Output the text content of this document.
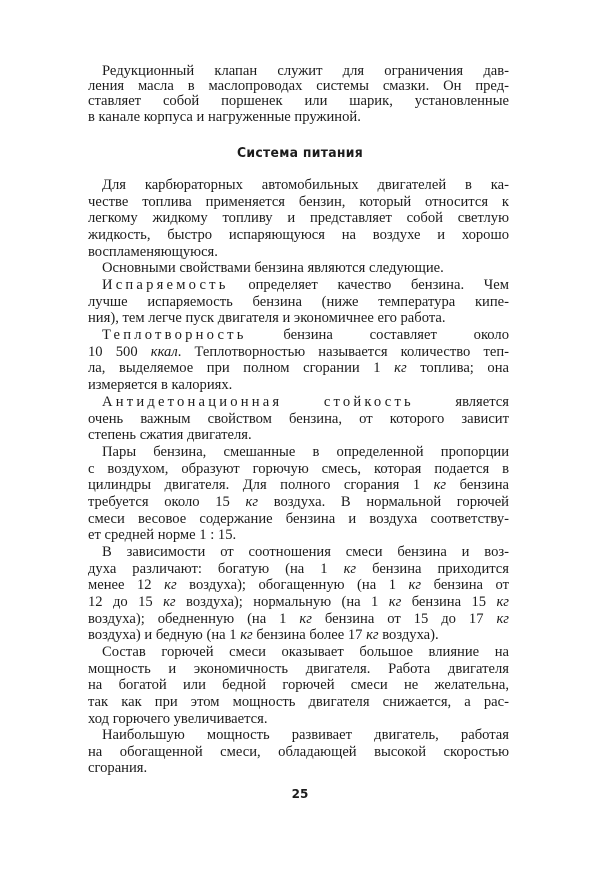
Редукционный клапан служит для ограничения дав-
ления масла в маслопроводах системы смазки. Он пред-
ставляет собой поршенек или шарик, установленные
в канале корпуса и нагруженные пружиной.
Система питания
Для карбюраторных автомобильных двигателей в ка-
честве топлива применяется бензин, который относится к
легкому жидкому топливу и представляет собой светлую
жидкость, быстро испаряющуюся на воздухе и хорошо
воспламеняющуюся.
Основными свойствами бензина являются следующие.
Испаряемость определяет качество бензина. Чем
лучше испаряемость бензина (ниже температура кипе-
ния), тем легче пуск двигателя и экономичнее его работа.
Теплотворность бензина составляет около
10 500 ккал. Теплотворностью называется количество теп-
ла, выделяемое при полном сгорании 1 кг топлива; она
измеряется в калориях.
Антидетонационная	стойкость является
очень важным свойством бензина, от которого зависит
степень сжатия двигателя.
Пары бензина, смешанные в определенной пропорции
с воздухом, образуют горючую смесь, которая подается в
цилиндры двигателя. Для полного сгорания 1 кг бензина
требуется около 15 кг воздуха. В нормальной горючей
смеси весовое содержание бензина и воздуха соответству-
ет средней норме 1 : 15.
В зависимости от соотношения смеси бензина и воз-
духа различают: богатую (на 1 кг бензина приходится
менее 12 кг воздуха); обогащенную (на 1 кг бензина от
12 до 15 кг воздуха); нормальную (на 1 кг бензина 15 кг
воздуха); обедненную (на 1 кг бензина от 15 до 17 кг
воздуха) и бедную (на 1 кг бензина более 17 кг воздуха).
Состав горючей смеси оказывает большое влияние на
мощность и экономичность двигателя. Работа двигателя
на богатой или бедной горючей смеси не желательна,
так как при этом мощность двигателя снижается, а рас-
ход горючего увеличивается.
Наибольшую мощность развивает двигатель, работая
на обогащенной смеси, обладающей высокой скоростью
сгорания.
25
